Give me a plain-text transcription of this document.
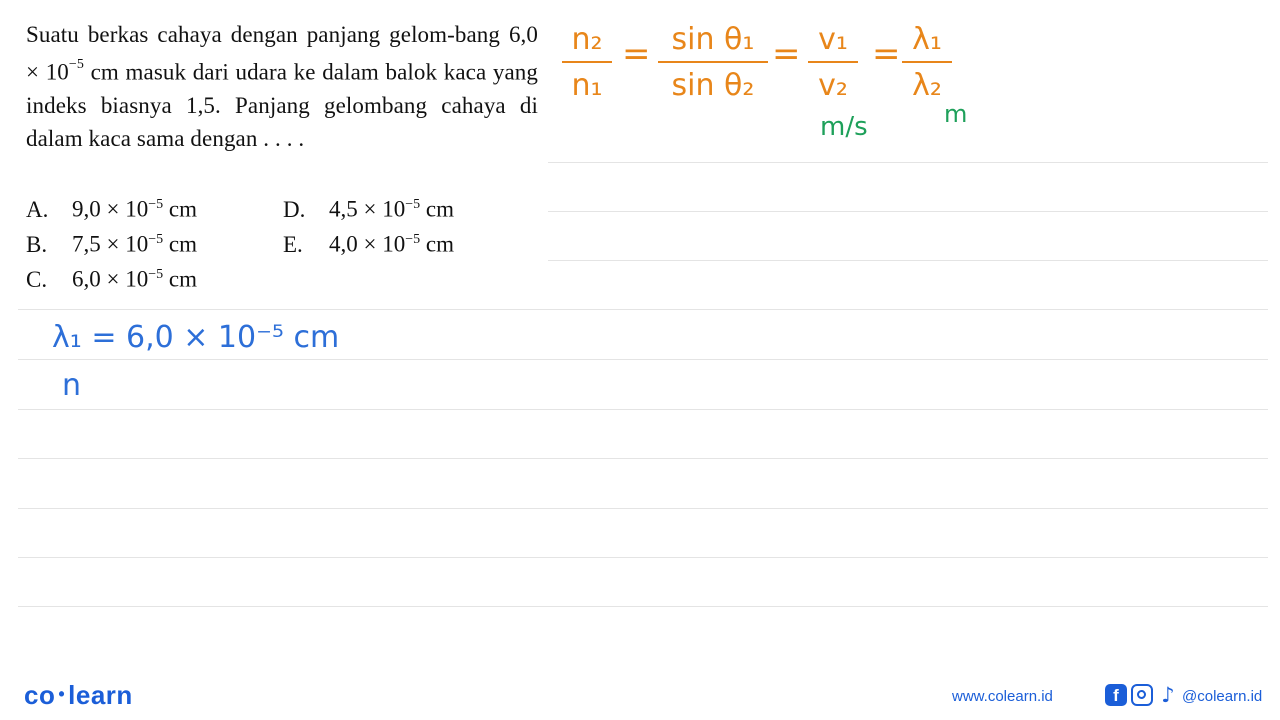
Suatu berkas cahaya dengan panjang gelom-bang $6,0 \times 10^{-5}$ cm masuk dari udara ke dalam balok kaca yang indeks biasnya 1,5. Panjang gelombang cahaya di dalam kaca sama dengan . . . .
A. $9,0 \times 10^{-5}$ cm
B. $7,5 \times 10^{-5}$ cm
C. $6,0 \times 10^{-5}$ cm
D. $4,5 \times 10^{-5}$ cm
E. $4,0 \times 10^{-5}$ cm
n₂
n₁
= sin θ₁
sin θ₂
= v₁
v₂
= λ₁
λ₂
m/s	m
λ₁ = 6,0 × 10⁻⁵ cm
n
co • learn	www.colearn.id	f	♪ @colearn.id
